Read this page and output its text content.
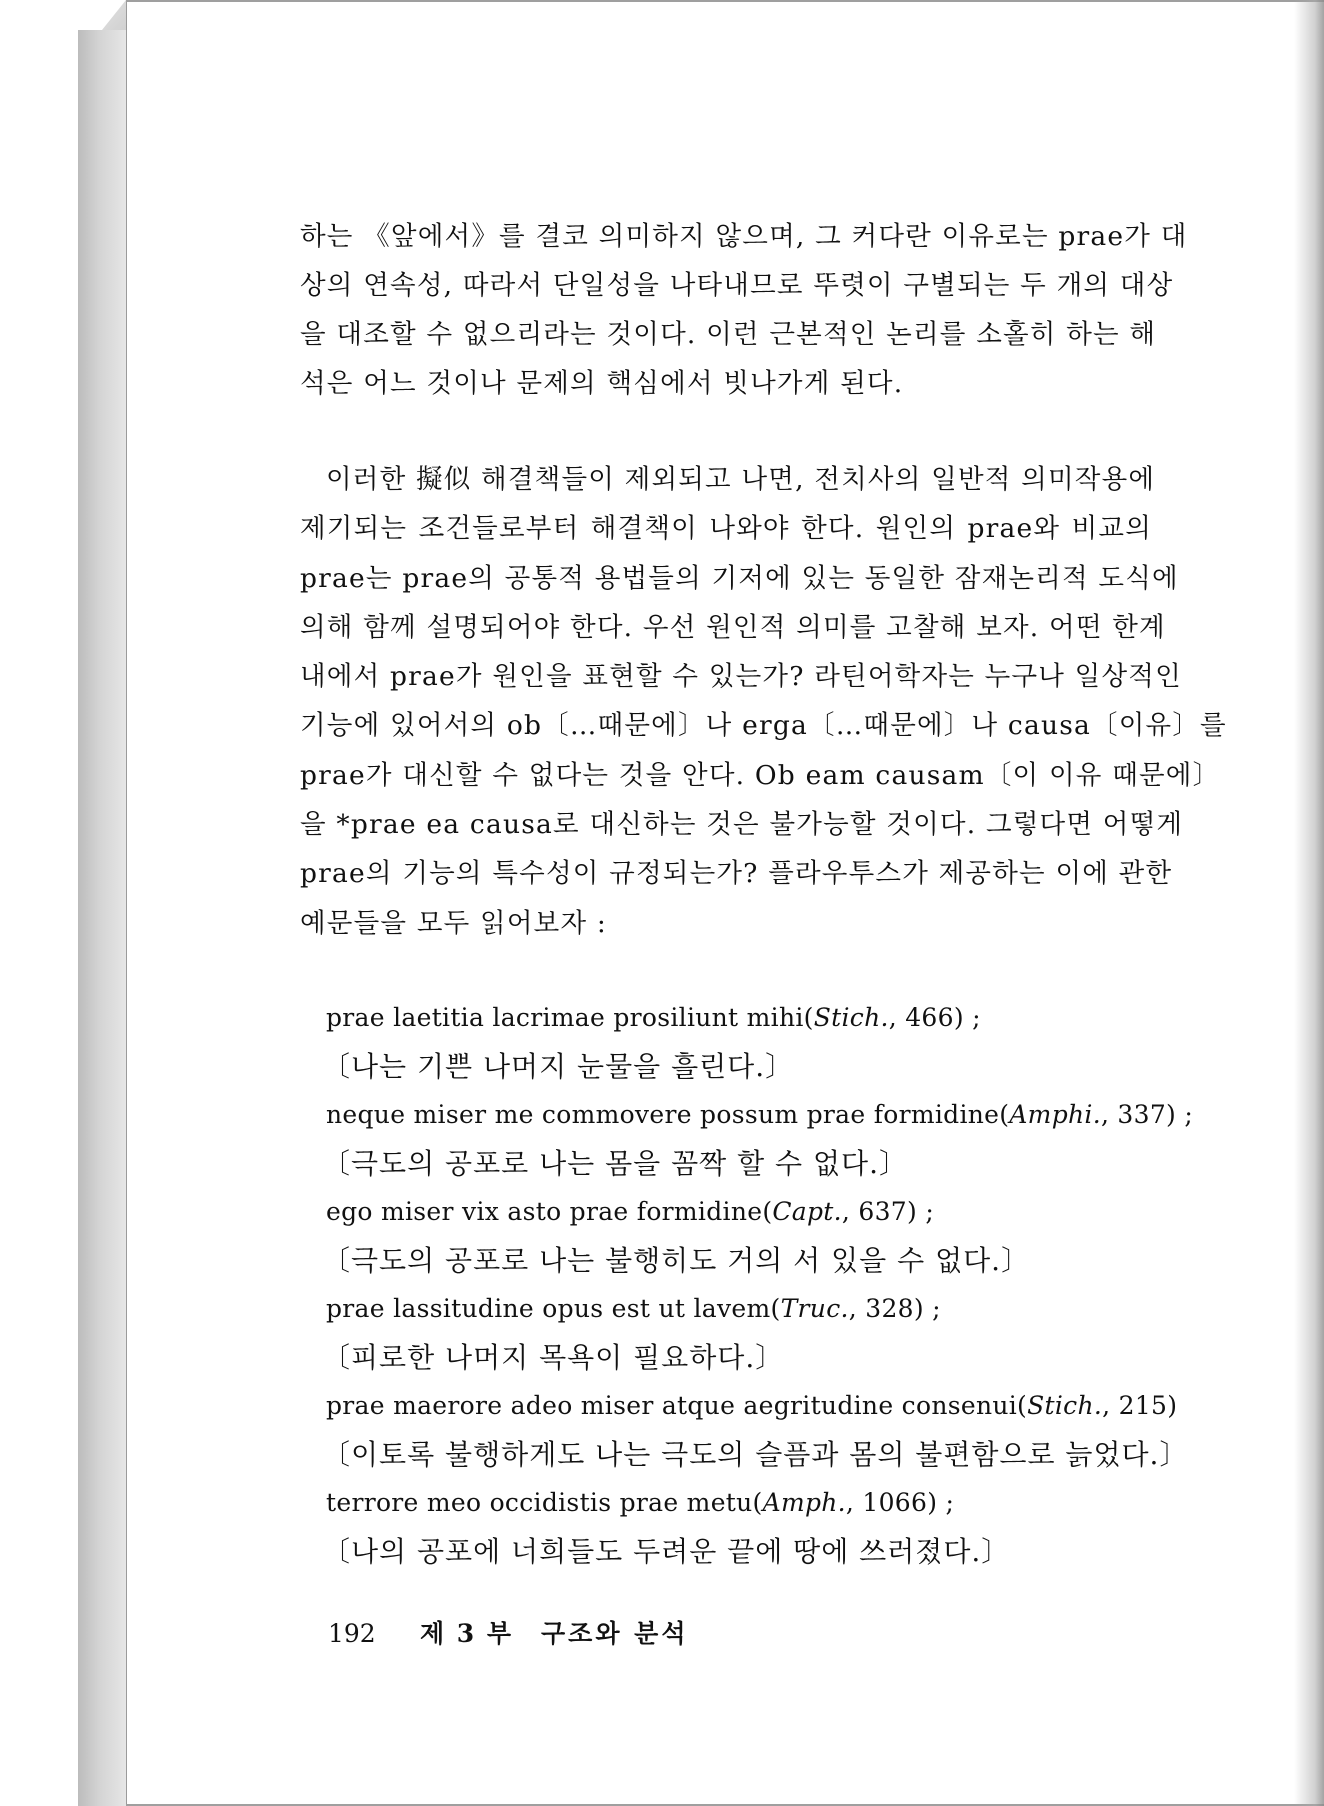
하는 《앞에서》를 결코 의미하지 않으며, 그 커다란 이유로는 prae가 대
상의 연속성, 따라서 단일성을 나타내므로 뚜렷이 구별되는 두 개의 대상
을 대조할 수 없으리라는 것이다. 이런 근본적인 논리를 소홀히 하는 해
석은 어느 것이나 문제의 핵심에서 빗나가게 된다.
이러한 擬似 해결책들이 제외되고 나면, 전치사의 일반적 의미작용에
제기되는 조건들로부터 해결책이 나와야 한다. 원인의 prae와 비교의
prae는 prae의 공통적 용법들의 기저에 있는 동일한 잠재논리적 도식에
의해 함께 설명되어야 한다. 우선 원인적 의미를 고찰해 보자. 어떤 한계
내에서 prae가 원인을 표현할 수 있는가? 라틴어학자는 누구나 일상적인
기능에 있어서의 ob〔…때문에〕나 erga〔…때문에〕나 causa〔이유〕를
prae가 대신할 수 없다는 것을 안다. Ob eam causam〔이 이유 때문에〕
을 *prae ea causa로 대신하는 것은 불가능할 것이다. 그렇다면 어떻게
prae의 기능의 특수성이 규정되는가? 플라우투스가 제공하는 이에 관한
예문들을 모두 읽어보자 :
prae laetitia lacrimae prosiliunt mihi(Stich., 466) ;
〔나는 기쁜 나머지 눈물을 흘린다.〕
neque miser me commovere possum prae formidine(Amphi., 337) ;
〔극도의 공포로 나는 몸을 꼼짝 할 수 없다.〕
ego miser vix asto prae formidine(Capt., 637) ;
〔극도의 공포로 나는 불행히도 거의 서 있을 수 없다.〕
prae lassitudine opus est ut lavem(Truc., 328) ;
〔피로한 나머지 목욕이 필요하다.〕
prae maerore adeo miser atque aegritudine consenui(Stich., 215)
〔이토록 불행하게도 나는 극도의 슬픔과 몸의 불편함으로 늙었다.〕
terrore meo occidistis prae metu(Amph., 1066) ;
〔나의 공포에 너희들도 두려운 끝에 땅에 쓰러졌다.〕
192 제 3 부 구조와 분석
